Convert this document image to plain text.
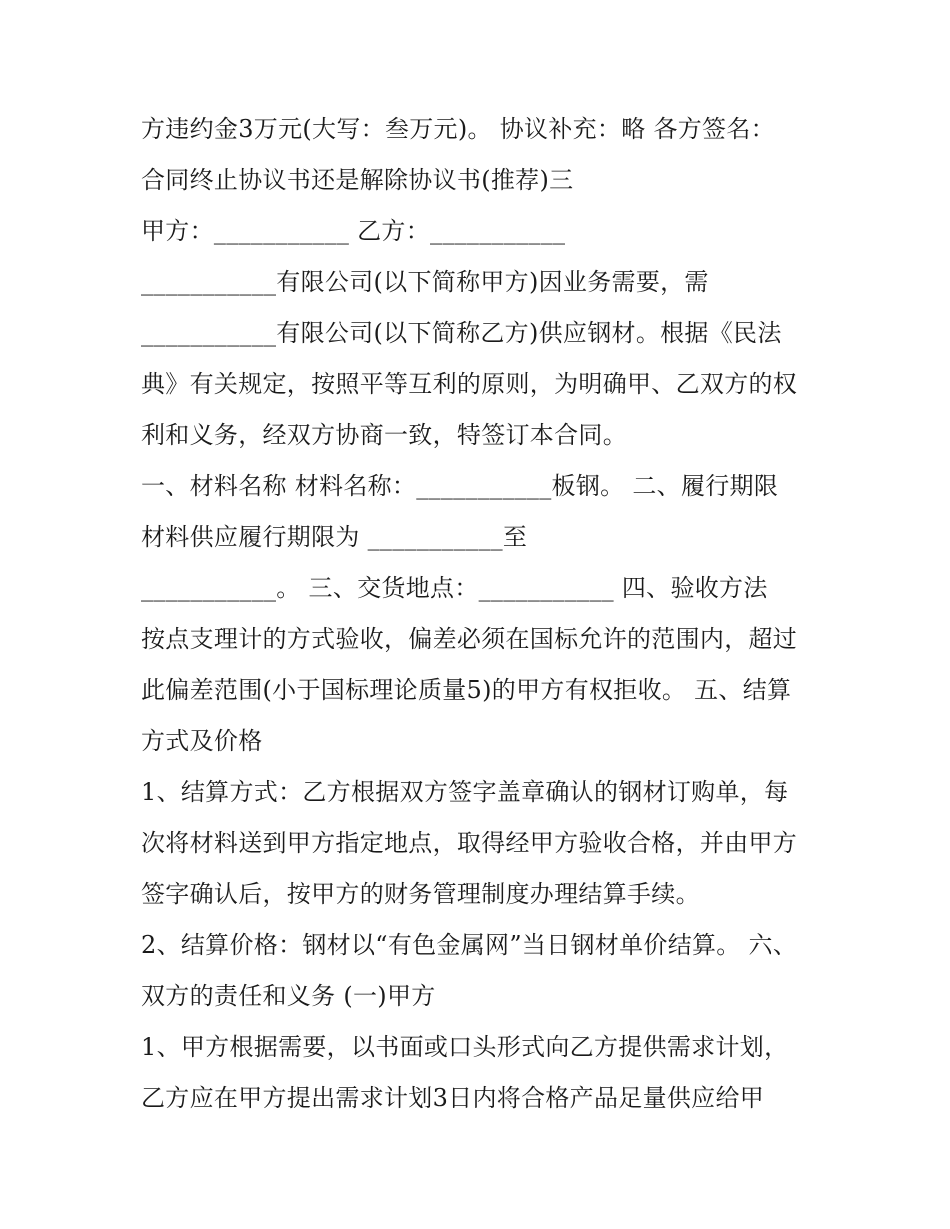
方违约金3万元(大写：叁万元)。 协议补充：略 各方签名：
合同终止协议书还是解除协议书(推荐)三
甲方：___________ 乙方：___________
___________有限公司(以下简称甲方)因业务需要，需
___________有限公司(以下简称乙方)供应钢材。根据《民法
典》有关规定，按照平等互利的原则，为明确甲、乙双方的权
利和义务，经双方协商一致，特签订本合同。
一、材料名称 材料名称：___________板钢。 二、履行期限
材料供应履行期限为 ___________至
___________。 三、交货地点：___________ 四、验收方法
按点支理计的方式验收，偏差必须在国标允许的范围内，超过
此偏差范围(小于国标理论质量5)的甲方有权拒收。 五、结算
方式及价格
1、结算方式：乙方根据双方签字盖章确认的钢材订购单，每
次将材料送到甲方指定地点，取得经甲方验收合格，并由甲方
签字确认后，按甲方的财务管理制度办理结算手续。
2、结算价格：钢材以“有色金属网”当日钢材单价结算。 六、
双方的责任和义务 (一)甲方
1、甲方根据需要，以书面或口头形式向乙方提供需求计划，
乙方应在甲方提出需求计划3日内将合格产品足量供应给甲
